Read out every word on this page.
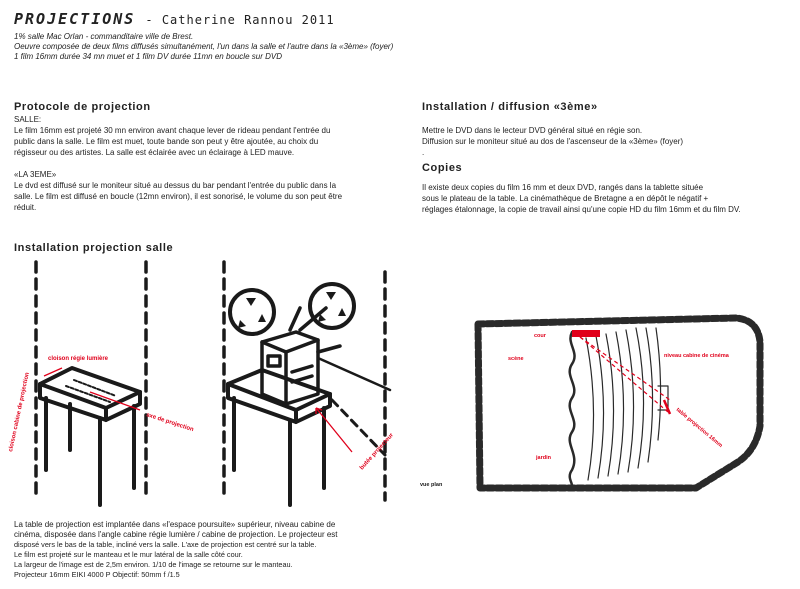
PROJECTIONS - Catherine Rannou 2011
1% salle Mac Orlan - commanditaire ville de Brest.
Oeuvre composée de deux films diffusés simultanément, l'un dans la salle et l'autre dans la «3ème» (foyer)
1 film 16mm durée 34 mn muet et 1 film DV durée 11mn en boucle sur DVD
Protocole de projection

SALLE:

Le film 16mm est projeté 30 mn environ avant chaque lever de rideau pendant l'entrée du

public dans la salle. Le film est muet, toute bande son peut y être ajoutée, au choix du

régisseur ou des artistes. La salle est éclairée avec un éclairage à LED mauve.

«LA 3EME»

Le dvd est diffusé sur le moniteur situé au dessus du bar pendant l'entrée du public dans la

salle. Le film est diffusé en boucle (12mn environ), il est sonorisé, le volume du son peut être

réduit.

Installation projection salle
cloison régie lumière
cloison cabine de projection	axe de projection
butée projecteur

La table de projection est implantée dans «l'espace poursuite» supérieur, niveau cabine de

cinéma, disposée dans l'angle cabine régie lumière / cabine de projection. Le projecteur est

disposé vers le bas de la table, incliné vers la salle. L'axe de projection est centré sur la table.

Le film est projeté sur le manteau et le mur latéral de la salle côté cour.

La largeur de l'image est de 2,5m environ. 1/10 de l'image se retourne sur le manteau.

Projecteur 16mm EIKI 4000 P Objectif: 50mm f /1.5

Installation / diffusion «3ème»

Mettre le DVD dans le lecteur DVD général situé en régie son.

Diffusion sur le moniteur situé au dos de l'ascenseur de la «3ème» (foyer)

.

Copies

Il existe deux copies du film 16 mm et deux DVD, rangés dans la tablette située

sous le plateau de la table. La cinémathèque de Bretagne a en dépôt le négatif +

réglages étalonnage, la copie de travail ainsi qu'une copie HD du film 16mm et du film DV.

cour
scène	niveau cabine de cinéma
jardin
table projection 16mm
vue plan
